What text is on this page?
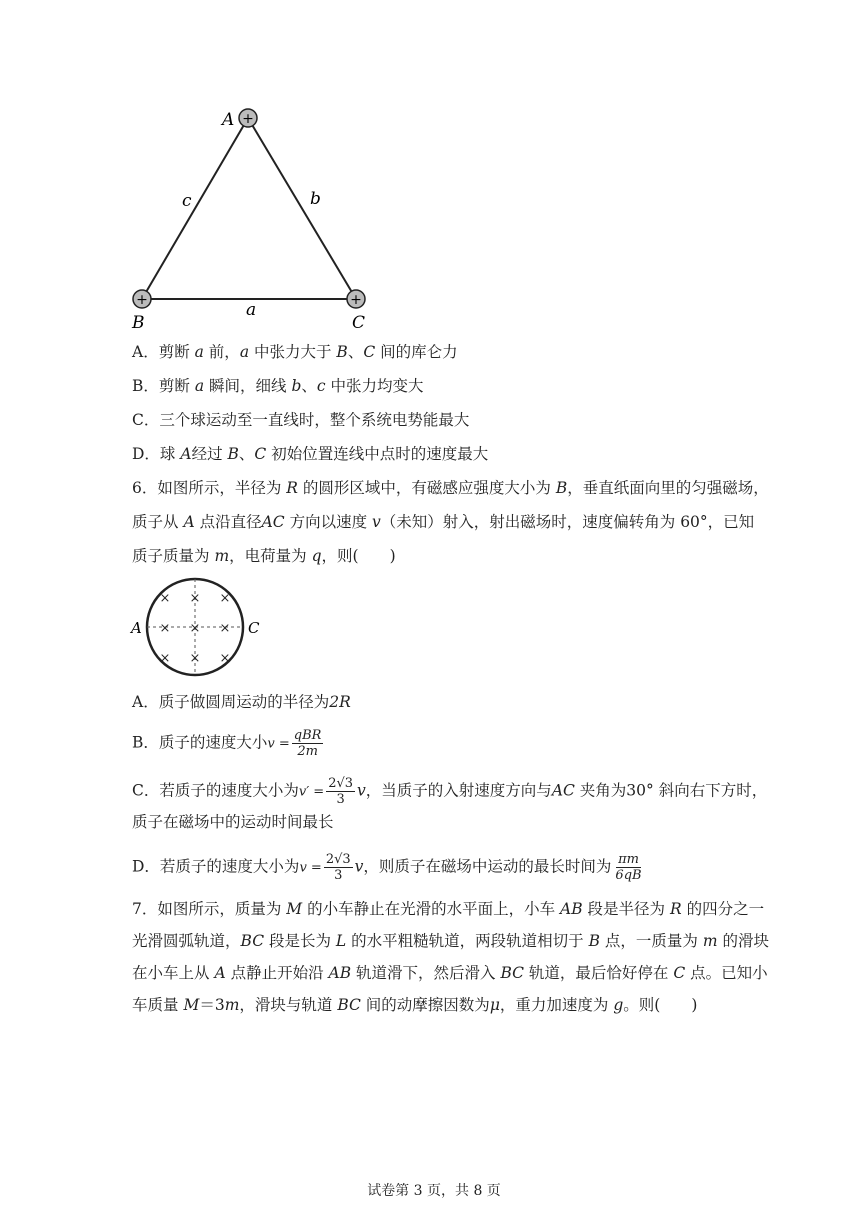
+
+	+
A
B	C
c	b
a
A．剪断 a 前，a 中张力大于 B、C 间的库仑力
B．剪断 a 瞬间，细线 b、c 中张力均变大
C．三个球运动至一直线时，整个系统电势能最大
D．球 A经过 B、C 初始位置连线中点时的速度最大
6．如图所示，半径为 R 的圆形区域中，有磁感应强度大小为 B，垂直纸面向里的匀强磁场，
质子从 A 点沿直径AC 方向以速度 v（未知）射入，射出磁场时，速度偏转角为 60°，已知
质子质量为 m，电荷量为 q，则(　　)
× × ×
× × ×
× × ×
A	C
A．质子做圆周运动的半径为2R
B．质子的速度大小$v = \frac{\text{qBR}}{2m}$
C．若质子的速度大小为$v' = \frac{2√3}{3}$ v，当质子的入射速度方向与AC 夹角为30° 斜向右下方时，
质子在磁场中的运动时间最长
D．若质子的速度大小为$v = \frac{2√3}{3}$ v，则质子在磁场中运动的最长时间为 $\frac{\pi m}{6qB}$
7．如图所示，质量为 M 的小车静止在光滑的水平面上，小车 AB 段是半径为 R 的四分之一
光滑圆弧轨道，BC 段是长为 L 的水平粗糙轨道，两段轨道相切于 B 点，一质量为 m 的滑块
在小车上从 A 点静止开始沿 AB 轨道滑下，然后滑入 BC 轨道，最后恰好停在 C 点。已知小
车质量 M＝3m，滑块与轨道 BC 间的动摩擦因数为μ，重力加速度为 g。则(　　)
试卷第 3 页，共 8 页
